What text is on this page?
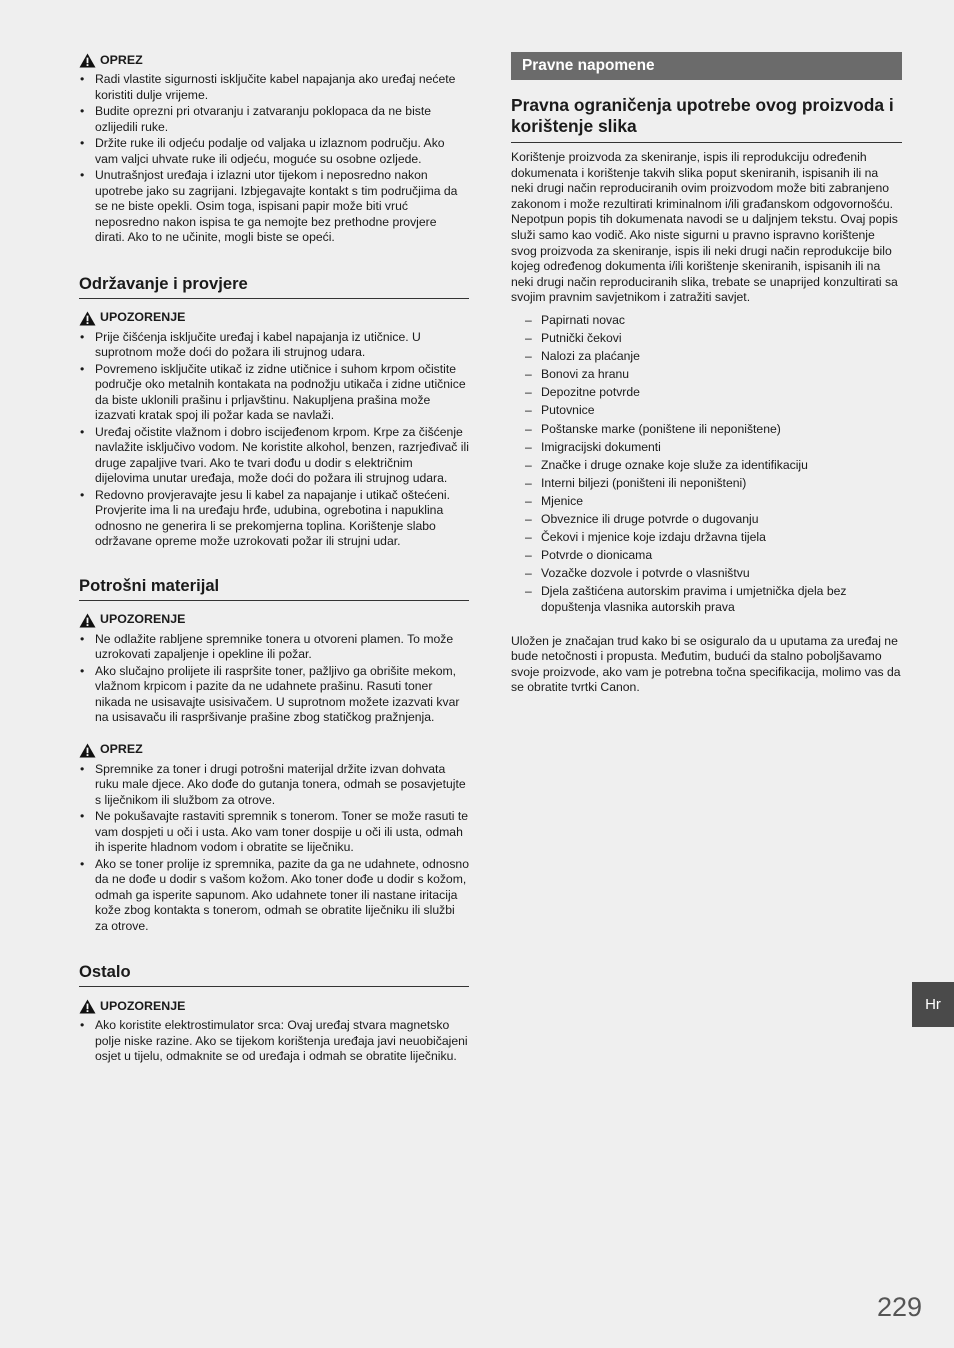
OPREZ
• Radi vlastite sigurnosti isključite kabel napajanja ako uređaj nećete koristiti dulje vrijeme.
• Budite oprezni pri otvaranju i zatvaranju poklopaca da ne biste ozlijedili ruke.
• Držite ruke ili odjeću podalje od valjaka u izlaznom području. Ako vam valjci uhvate ruke ili odjeću, moguće su osobne ozljede.
• Unutrašnjost uređaja i izlazni utor tijekom i neposredno nakon upotrebe jako su zagrijani. Izbjegavajte kontakt s tim područjima da se ne biste opekli. Osim toga, ispisani papir može biti vruć neposredno nakon ispisa te ga nemojte bez prethodne provjere dirati. Ako to ne učinite, mogli biste se opeći.
Održavanje i provjere
UPOZORENJE
• Prije čišćenja isključite uređaj i kabel napajanja iz utičnice. U suprotnom može doći do požara ili strujnog udara.
• Povremeno isključite utikač iz zidne utičnice i suhom krpom očistite područje oko metalnih kontakata na podnožju utikača i zidne utičnice da biste uklonili prašinu i prljavštinu. Nakupljena prašina može izazvati kratak spoj ili požar kada se navlaži.
• Uređaj očistite vlažnom i dobro iscijeđenom krpom. Krpe za čišćenje navlažite isključivo vodom. Ne koristite alkohol, benzen, razrjeđivač ili druge zapaljive tvari. Ako te tvari dođu u dodir s električnim dijelovima unutar uređaja, može doći do požara ili strujnog udara.
• Redovno provjeravajte jesu li kabel za napajanje i utikač oštećeni. Provjerite ima li na uređaju hrđe, udubina, ogrebotina i napuklina odnosno ne generira li se prekomjerna toplina. Korištenje slabo održavane opreme može uzrokovati požar ili strujni udar.
Potrošni materijal
UPOZORENJE
• Ne odlažite rabljene spremnike tonera u otvoreni plamen. To može uzrokovati zapaljenje i opekline ili požar.
• Ako slučajno prolijete ili raspršite toner, pažljivo ga obrišite mekom, vlažnom krpicom i pazite da ne udahnete prašinu. Rasuti toner nikada ne usisavajte usisivačem. U suprotnom možete izazvati kvar na usisavaču ili raspršivanje prašine zbog statičkog pražnjenja.
OPREZ
• Spremnike za toner i drugi potrošni materijal držite izvan dohvata ruku male djece. Ako dođe do gutanja tonera, odmah se posavjetujte s liječnikom ili službom za otrove.
• Ne pokušavajte rastaviti spremnik s tonerom. Toner se može rasuti te vam dospjeti u oči i usta. Ako vam toner dospije u oči ili usta, odmah ih isperite hladnom vodom i obratite se liječniku.
• Ako se toner prolije iz spremnika, pazite da ga ne udahnete, odnosno da ne dođe u dodir s vašom kožom. Ako toner dođe u dodir s kožom, odmah ga isperite sapunom. Ako udahnete toner ili nastane iritacija kože zbog kontakta s tonerom, odmah se obratite liječniku ili službi za otrove.
Ostalo
UPOZORENJE
• Ako koristite elektrostimulator srca: Ovaj uređaj stvara magnetsko polje niske razine. Ako se tijekom korištenja uređaja javi neuobičajeni osjet u tijelu, odmaknite se od uređaja i odmah se obratite liječniku.
Pravne napomene
Pravna ograničenja upotrebe ovog proizvoda i korištenje slika

Korištenje proizvoda za skeniranje, ispis ili reprodukciju određenih dokumenata i korištenje takvih slika poput skeniranih, ispisanih ili na neki drugi način reproduciranih ovim proizvodom može biti zabranjeno zakonom i može rezultirati kriminalnom i/ili građanskom odgovornošću. Nepotpun popis tih dokumenata navodi se u daljnjem tekstu. Ovaj popis služi samo kao vodič. Ako niste sigurni u pravno ispravno korištenje svog proizvoda za skeniranje, ispis ili neki drugi način reprodukcije bilo kojeg određenog dokumenta i/ili korištenje skeniranih, ispisanih ili na neki drugi način reproduciranih slika, trebate se unaprijed konzultirati sa svojim pravnim savjetnikom i zatražiti savjet.

– Papirnati novac
– Putnički čekovi
– Nalozi za plaćanje
– Bonovi za hranu
– Depozitne potvrde
– Putovnice
– Poštanske marke (poništene ili neponištene)
– Imigracijski dokumenti
– Značke i druge oznake koje služe za identifikaciju
– Interni biljezi (poništeni ili neponišteni)
– Mjenice
– Obveznice ili druge potvrde o dugovanju
– Čekovi i mjenice koje izdaju državna tijela
– Potvrde o dionicama
– Vozačke dozvole i potvrde o vlasništvu
– Djela zaštićena autorskim pravima i umjetnička djela bez dopuštenja vlasnika autorskih prava

Uložen je značajan trud kako bi se osiguralo da u uputama za uređaj ne bude netočnosti i propusta. Međutim, budući da stalno poboljšavamo svoje proizvode, ako vam je potrebna točna specifikacija, molimo vas da se obratite tvrtki Canon.

Hr
229
